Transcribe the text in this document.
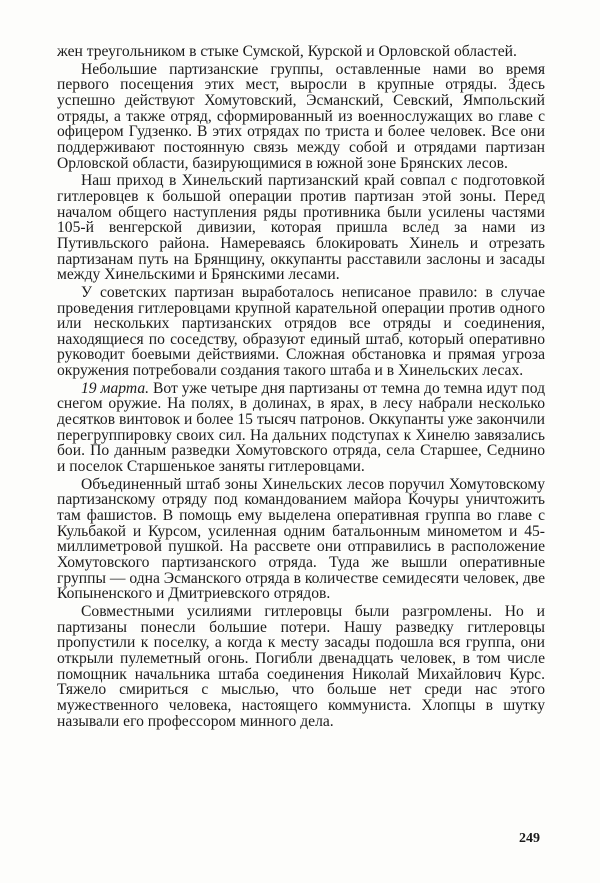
жен треугольником в стыке Сумской, Курской и Орловской областей.

Небольшие партизанские группы, оставленные нами во время первого посещения этих мест, выросли в крупные отряды. Здесь успешно действуют Хомутовский, Эсманский, Севский, Ямпольский отряды, а также отряд, сформированный из военнослужащих во главе с офицером Гудзенко. В этих отрядах по триста и более человек. Все они поддерживают постоянную связь между собой и отрядами партизан Орловской области, базирующимися в южной зоне Брянских лесов.

Наш приход в Хинельский партизанский край совпал с подготовкой гитлеровцев к большой операции против партизан этой зоны. Перед началом общего наступления ряды противника были усилены частями 105-й венгерской дивизии, которая пришла вслед за нами из Путивльского района. Намереваясь блокировать Хинель и отрезать партизанам путь на Брянщину, оккупанты расставили заслоны и засады между Хинельскими и Брянскими лесами.

У советских партизан выработалось неписаное правило: в случае проведения гитлеровцами крупной карательной операции против одного или нескольких партизанских отрядов все отряды и соединения, находящиеся по соседству, образуют единый штаб, который оперативно руководит боевыми действиями. Сложная обстановка и прямая угроза окружения потребовали создания такого штаба и в Хинельских лесах.

19 марта. Вот уже четыре дня партизаны от темна до темна идут под снегом оружие. На полях, в долинах, в ярах, в лесу набрали несколько десятков винтовок и более 15 тысяч патронов. Оккупанты уже закончили перегруппировку своих сил. На дальних подступах к Хинелю завязались бои. По данным разведки Хомутовского отряда, села Старшее, Седнино и поселок Старшенькое заняты гитлеровцами.

Объединенный штаб зоны Хинельских лесов поручил Хомутовскому партизанскому отряду под командованием майора Кочуры уничтожить там фашистов. В помощь ему выделена оперативная группа во главе с Кульбакой и Курсом, усиленная одним батальонным минометом и 45-миллиметровой пушкой. На рассвете они отправились в расположение Хомутовского партизанского отряда. Туда же вышли оперативные группы — одна Эсманского отряда в количестве семидесяти человек, две Копыненского и Дмитриевского отрядов.

Совместными усилиями гитлеровцы были разгромлены. Но и партизаны понесли большие потери. Нашу разведку гитлеровцы пропустили к поселку, а когда к месту засады подошла вся группа, они открыли пулеметный огонь. Погибли двенадцать человек, в том числе помощник начальника штаба соединения Николай Михайлович Курс. Тяжело смириться с мыслью, что больше нет среди нас этого мужественного человека, настоящего коммуниста. Хлопцы в шутку называли его профессором минного дела.

249
